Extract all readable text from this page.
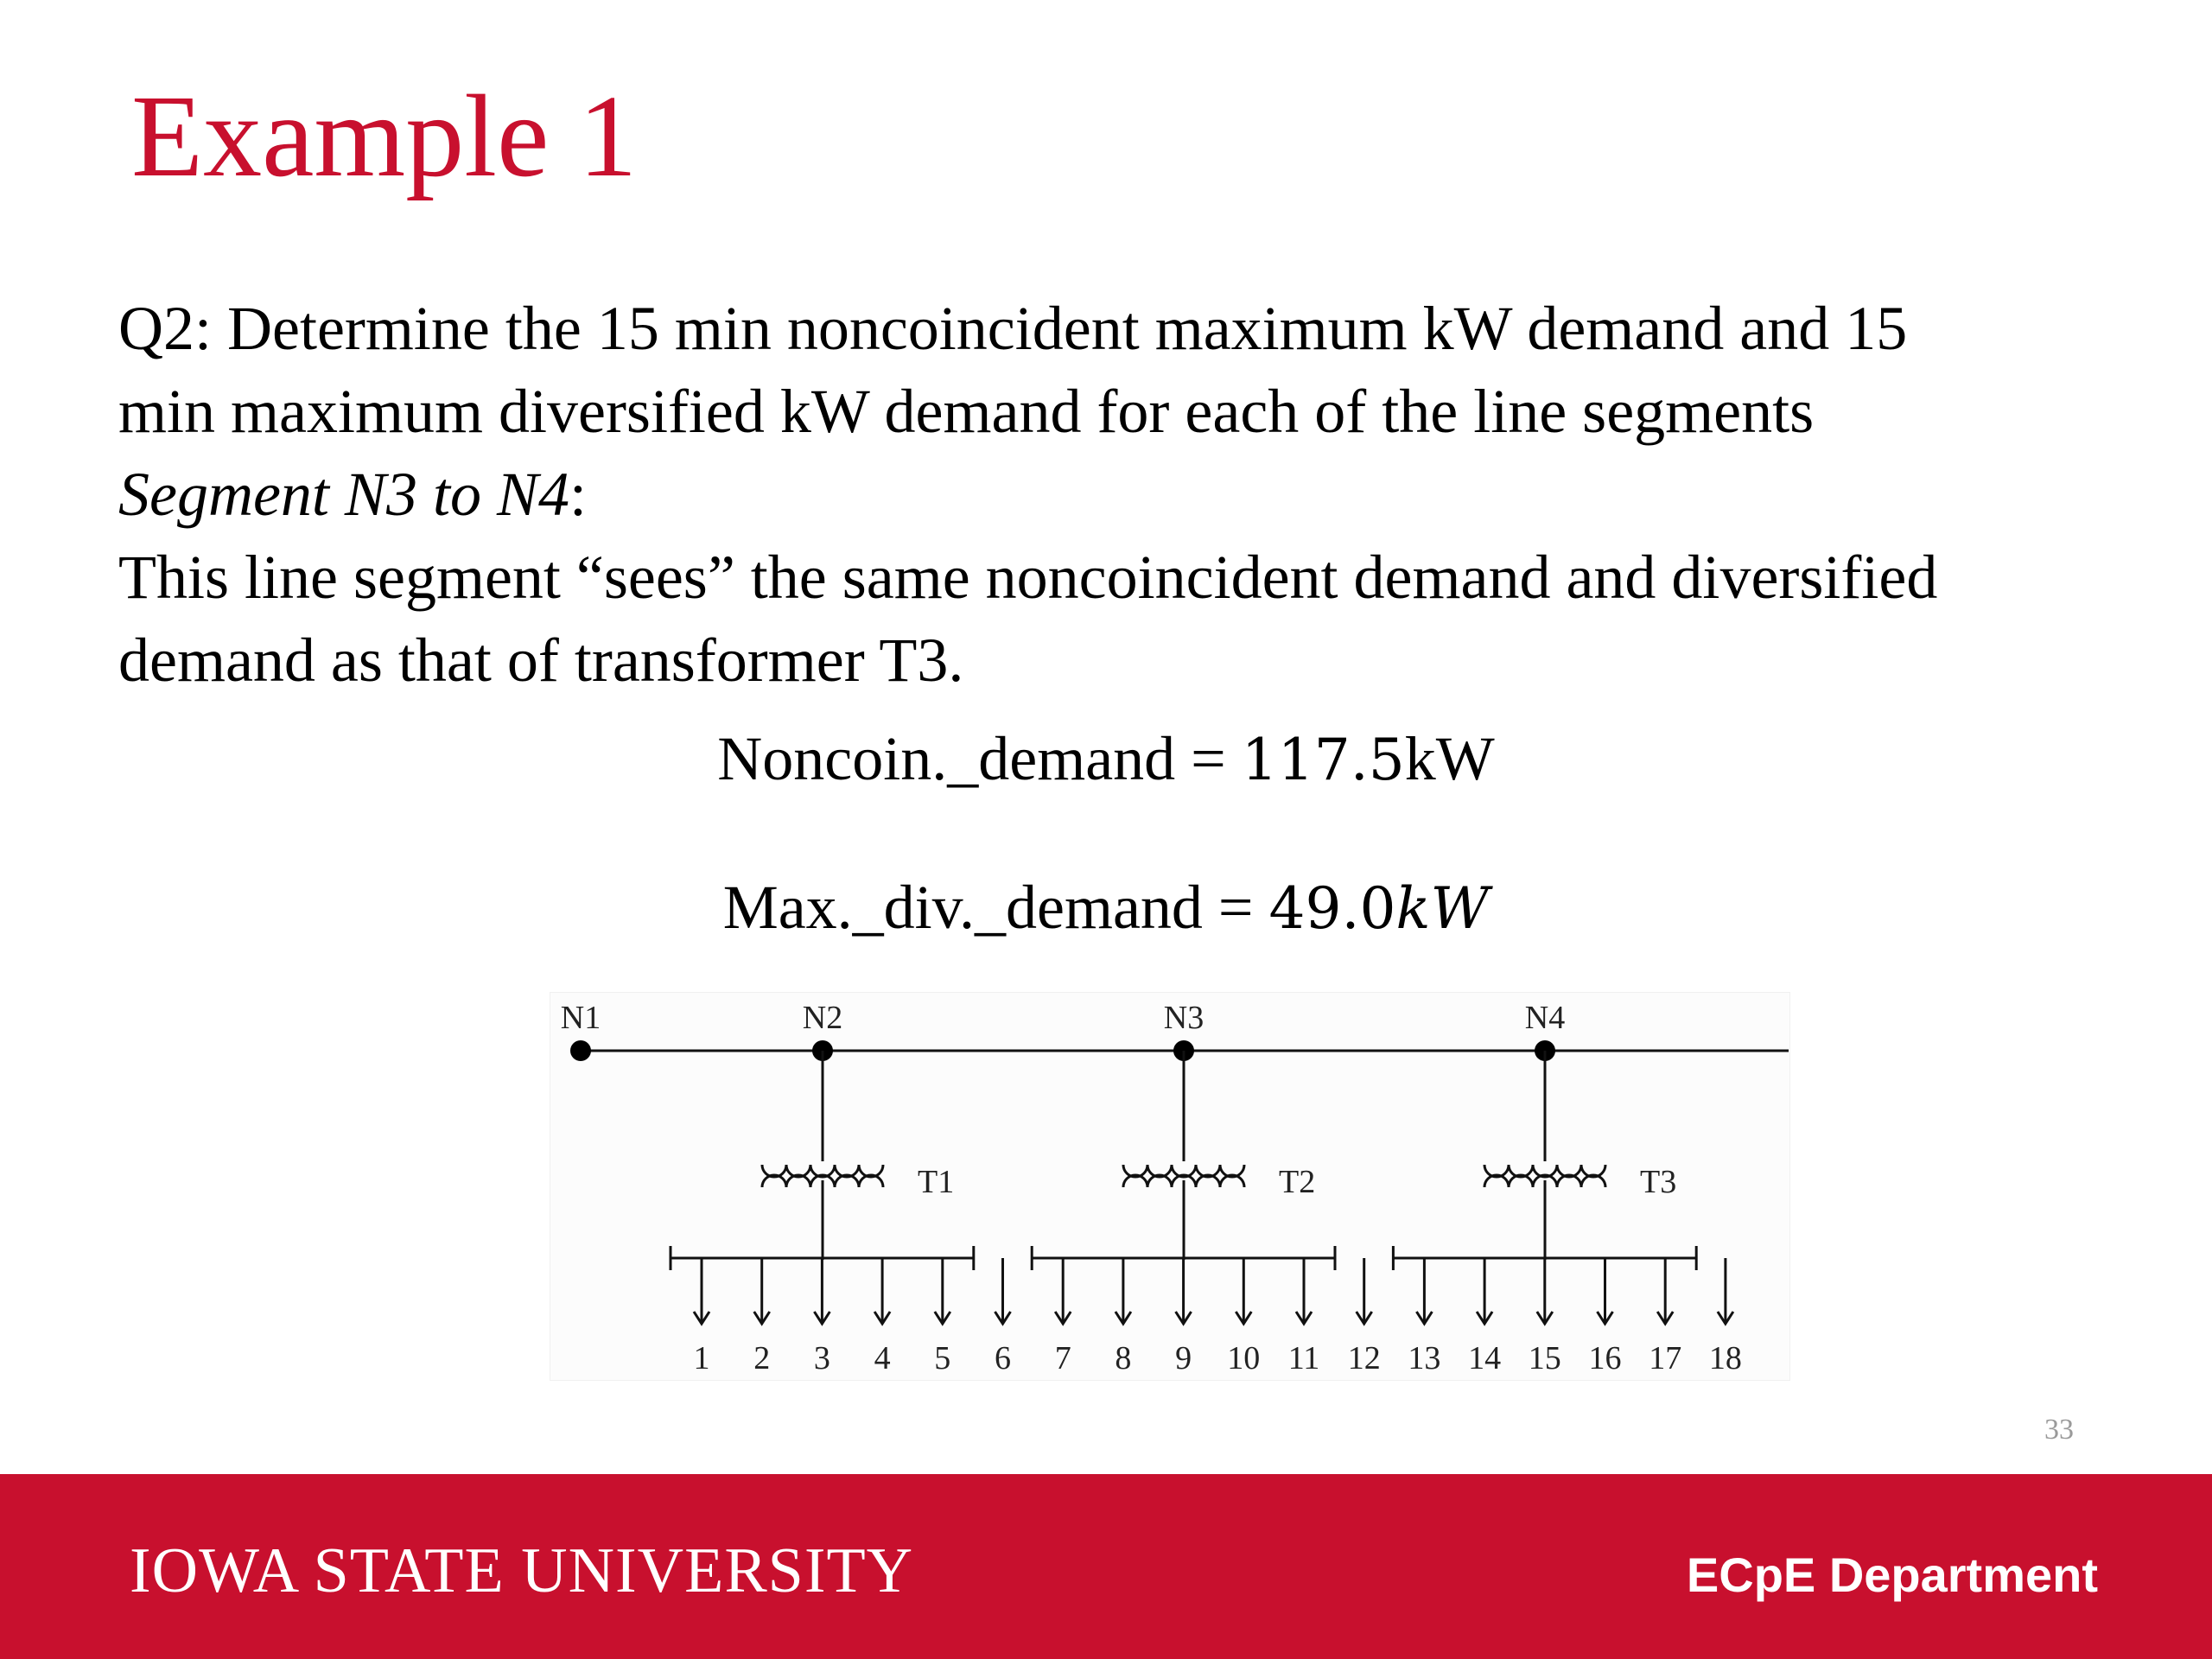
Example 1

Q2: Determine the 15 min noncoincident maximum kW demand and 15

min maximum diversified kW demand for each of the line segments

Segment N3 to N4:

This line segment “sees” the same noncoincident demand and diversified

demand as that of transformer T3.

Noncoin._demand = 117.5kW
Max._div._demand = 49.0kW
N1	N2	N3	N4
T1	T2	T3
1 2 3 4 5 6 7 8 9 10 11 12 13 14 15 16 17 18
33
IOWA STATE UNIVERSITY	ECpE Department
